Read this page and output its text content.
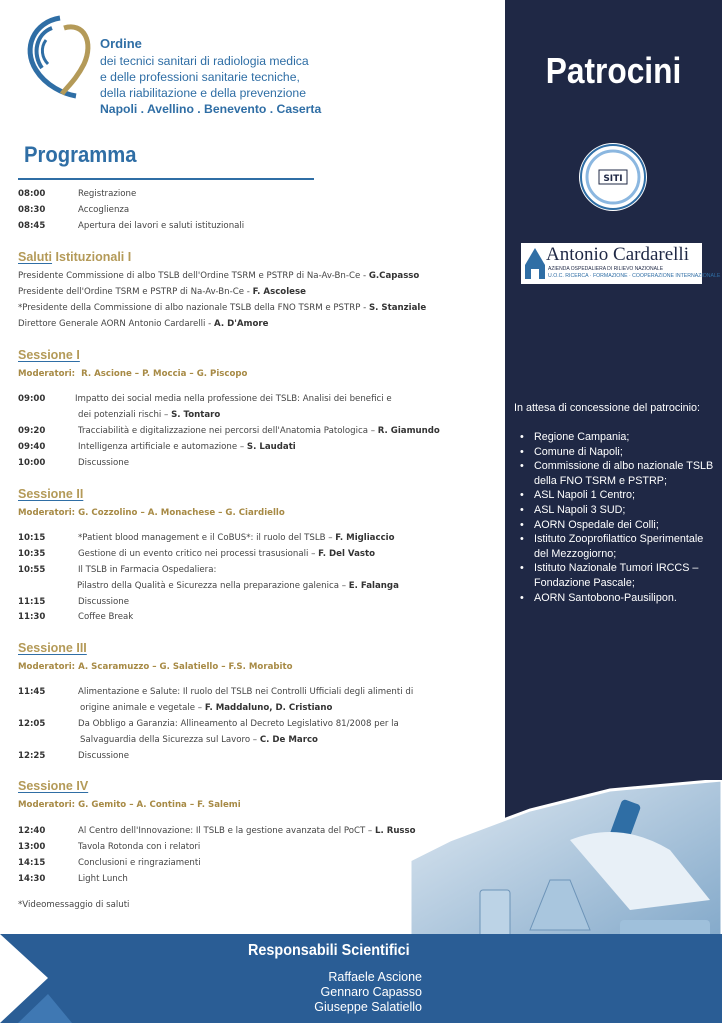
Ordine
dei tecnici sanitari di radiologia medica
e delle professioni sanitarie tecniche,
della riabilitazione e della prevenzione
Napoli . Avellino . Benevento . Caserta
Programma
08:00	Registrazione
08:30	Accoglienza
08:45	Apertura dei lavori e saluti istituzionali
Saluti Istituzionali I
Presidente Commissione di albo TSLB dell'Ordine TSRM e PSTRP di Na-Av-Bn-Ce - G.Capasso
Presidente dell'Ordine TSRM e PSTRP di Na-Av-Bn-Ce - F. Ascolese
*Presidente della Commissione di albo nazionale TSLB della FNO TSRM e PSTRP - S. Stanziale
Direttore Generale AORN Antonio Cardarelli - A. D'Amore
Sessione I
Moderatori: R. Ascione – P. Moccia – G. Piscopo
09:00	Impatto dei social media nella professione dei TSLB: Analisi dei benefici e
dei potenziali rischi – S. Tontaro
09:20	Tracciabilità e digitalizzazione nei percorsi dell'Anatomia Patologica – R. Giamundo
09:40	Intelligenza artificiale e automazione – S. Laudati
10:00	Discussione
Sessione II
Moderatori: G. Cozzolino – A. Monachese – G. Ciardiello
10:15	*Patient blood management e il CoBUS*: il ruolo del TSLB – F. Migliaccio
10:35	Gestione di un evento critico nei processi trasusionali – F. Del Vasto
10:55	Il TSLB in Farmacia Ospedaliera:
Pilastro della Qualità e Sicurezza nella preparazione galenica – E. Falanga
11:15	Discussione
11:30	Coffee Break
Sessione III
Moderatori: A. Scaramuzzo – G. Salatiello – F.S. Morabito
11:45	Alimentazione e Salute: Il ruolo del TSLB nei Controlli Ufficiali degli alimenti di
origine animale e vegetale – F. Maddaluno, D. Cristiano
12:05	Da Obbligo a Garanzia: Allineamento al Decreto Legislativo 81/2008 per la
Salvaguardia della Sicurezza sul Lavoro – C. De Marco
12:25	Discussione
Sessione IV
Moderatori: G. Gemito – A. Contina – F. Salemi
12:40	Al Centro dell'Innovazione: Il TSLB e la gestione avanzata del PoCT – L. Russo
13:00	Tavola Rotonda con i relatori
14:15	Conclusioni e ringraziamenti
14:30	Light Lunch
*Videomessaggio di saluti
Patrocini
SITI
Antonio Cardarelli
AZIENDA OSPEDALIERA DI RILIEVO NAZIONALE
U.O.C. RICERCA · FORMAZIONE · COOPERAZIONE INTERNAZIONALE
In attesa di concessione del patrocinio:
• Regione Campania;
• Comune di Napoli;
• Commissione di albo nazionale TSLB della FNO TSRM e PSTRP;
• ASL Napoli 1 Centro;
• ASL Napoli 3 SUD;
• AORN Ospedale dei Colli;
• Istituto Zooprofilattico Sperimentale del Mezzogiorno;
• Istituto Nazionale Tumori IRCCS – Fondazione Pascale;
• AORN Santobono-Pausilipon.
Responsabili Scientifici
Raffaele Ascione
Gennaro Capasso
Giuseppe Salatiello
